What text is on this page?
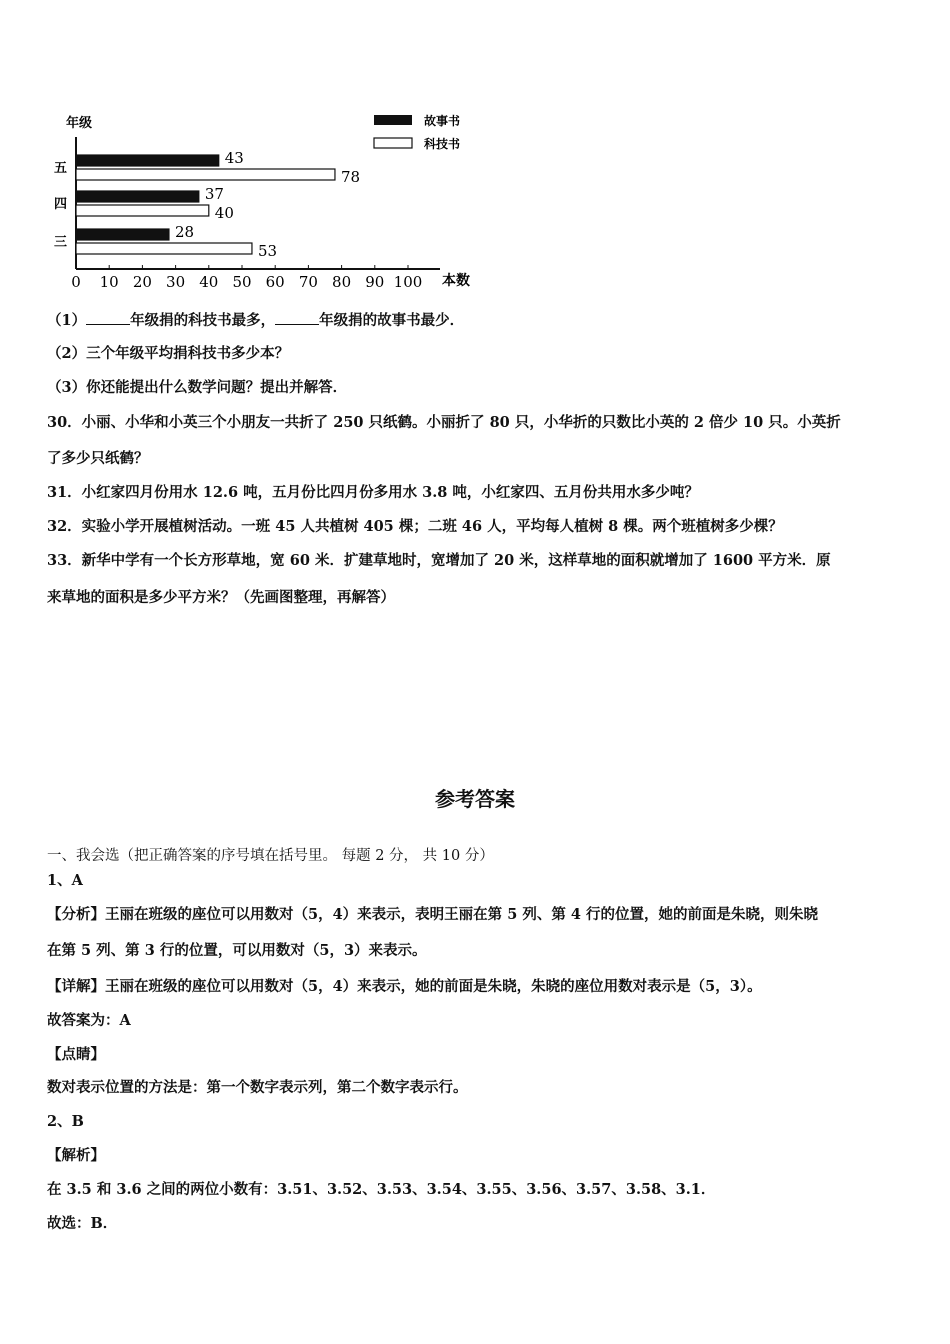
年级
本数
故事书
科技书
0 10 20 30 40 50 60 70 80 90 100
五
43
78
四
37
40
三
28
53
（1）	年级捐的科技书最多，	年级捐的故事书最少．
（2）三个年级平均捐科技书多少本？
（3）你还能提出什么数学问题？提出并解答．
30．小丽、小华和小英三个小朋友一共折了 250 只纸鹤。小丽折了 80 只，小华折的只数比小英的 2 倍少 10 只。小英折
了多少只纸鹤？
31．小红家四月份用水 12.6 吨，五月份比四月份多用水 3.8 吨，小红家四、五月份共用水多少吨？
32．实验小学开展植树活动。一班 45 人共植树 405 棵；二班 46 人，平均每人植树 8 棵。两个班植树多少棵？
33．新华中学有一个长方形草地，宽 60 米．扩建草地时，宽增加了 20 米，这样草地的面积就增加了 1600 平方米．原
来草地的面积是多少平方米？（先画图整理，再解答）
参考答案
一、我会选（把正确答案的序号填在括号里。 每题 2 分， 共 10 分）
1、A
【分析】王丽在班级的座位可以用数对（5，4）来表示，表明王丽在第 5 列、第 4 行的位置，她的前面是朱晓，则朱晓
在第 5 列、第 3 行的位置，可以用数对（5，3）来表示。
【详解】王丽在班级的座位可以用数对（5，4）来表示，她的前面是朱晓，朱晓的座位用数对表示是（5，3）。
故答案为：A
【点睛】
数对表示位置的方法是：第一个数字表示列，第二个数字表示行。
2、B
【解析】
在 3.5 和 3.6 之间的两位小数有：3.51、3.52、3.53、3.54、3.55、3.56、3.57、3.58、3.1．
故选：B．
